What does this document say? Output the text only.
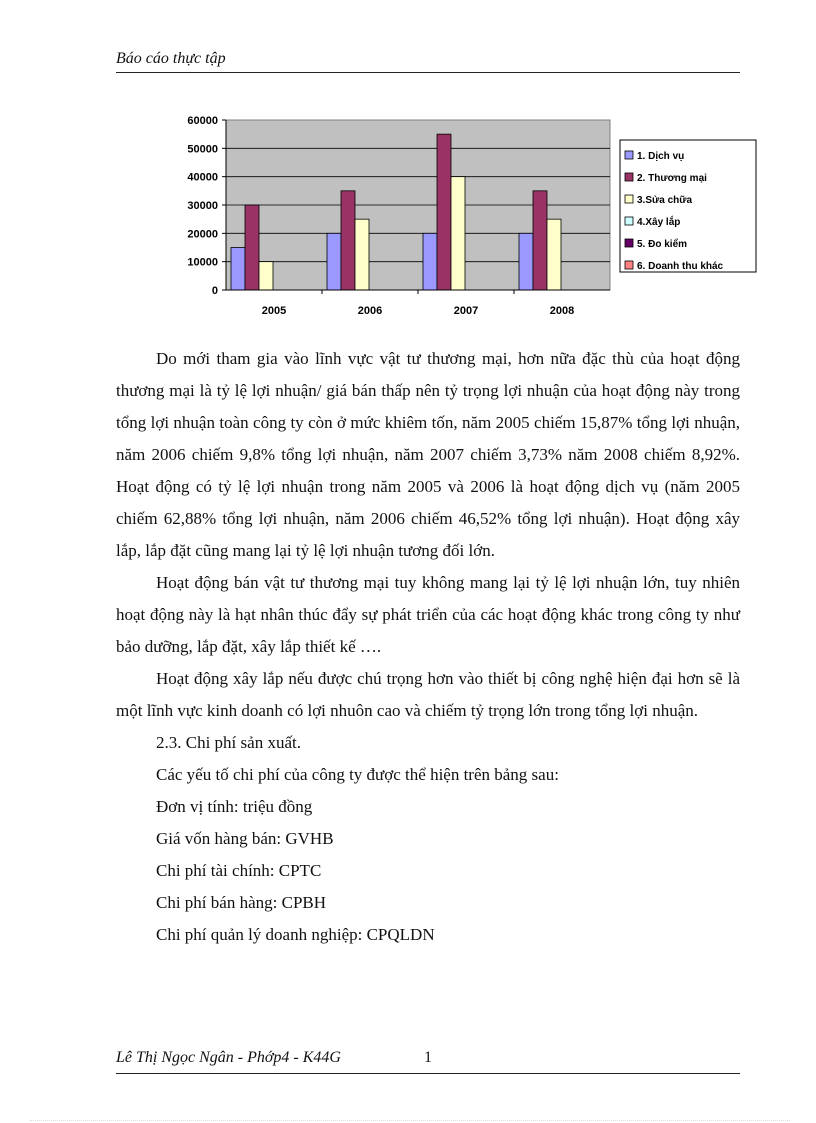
Báo cáo thực tập
0
10000
20000
30000
40000
50000
60000
2005	2006	2007	2008
1. Dịch vụ
2. Thương mại
3.Sửa chữa
4.Xây lắp
5. Đo kiểm
6. Doanh thu khác

Do mới tham gia vào lĩnh vực vật tư thương mại, hơn nữa đặc thù của hoạt động thương mại là tỷ lệ lợi nhuận/ giá bán thấp nên tỷ trọng lợi nhuận của hoạt động này trong tổng lợi nhuận toàn công ty còn ở mức khiêm tốn, năm 2005 chiếm 15,87% tổng lợi nhuận, năm 2006 chiếm 9,8% tổng lợi nhuận, năm 2007 chiếm 3,73% năm 2008 chiếm 8,92%. Hoạt động có tỷ lệ lợi nhuận trong năm 2005 và 2006 là hoạt động dịch vụ (năm 2005 chiếm 62,88% tổng lợi nhuận, năm 2006 chiếm 46,52% tổng lợi nhuận). Hoạt động xây lắp, lắp đặt cũng mang lại tỷ lệ lợi nhuận tương đối lớn.

Hoạt động bán vật tư thương mại tuy không mang lại tỷ lệ lợi nhuận lớn, tuy nhiên hoạt động này là hạt nhân thúc đẩy sự phát triển của các hoạt động khác trong công ty như bảo dưỡng, lắp đặt, xây lắp thiết kế ….

Hoạt động xây lắp nếu được chú trọng hơn vào thiết bị công nghệ hiện đại hơn sẽ là một lĩnh vực kinh doanh có lợi nhuôn cao và chiếm tỷ trọng lớn trong tổng lợi nhuận.

2.3. Chi phí sản xuất.

Các yếu tố chi phí của công ty được thể hiện trên bảng sau:

Đơn vị tính: triệu đồng

Giá vốn hàng bán: GVHB

Chi phí tài chính: CPTC

Chi phí bán hàng: CPBH

Chi phí quản lý doanh nghiệp: CPQLDN

Lê Thị Ngọc Ngân - Phớp4 - K44G	1
